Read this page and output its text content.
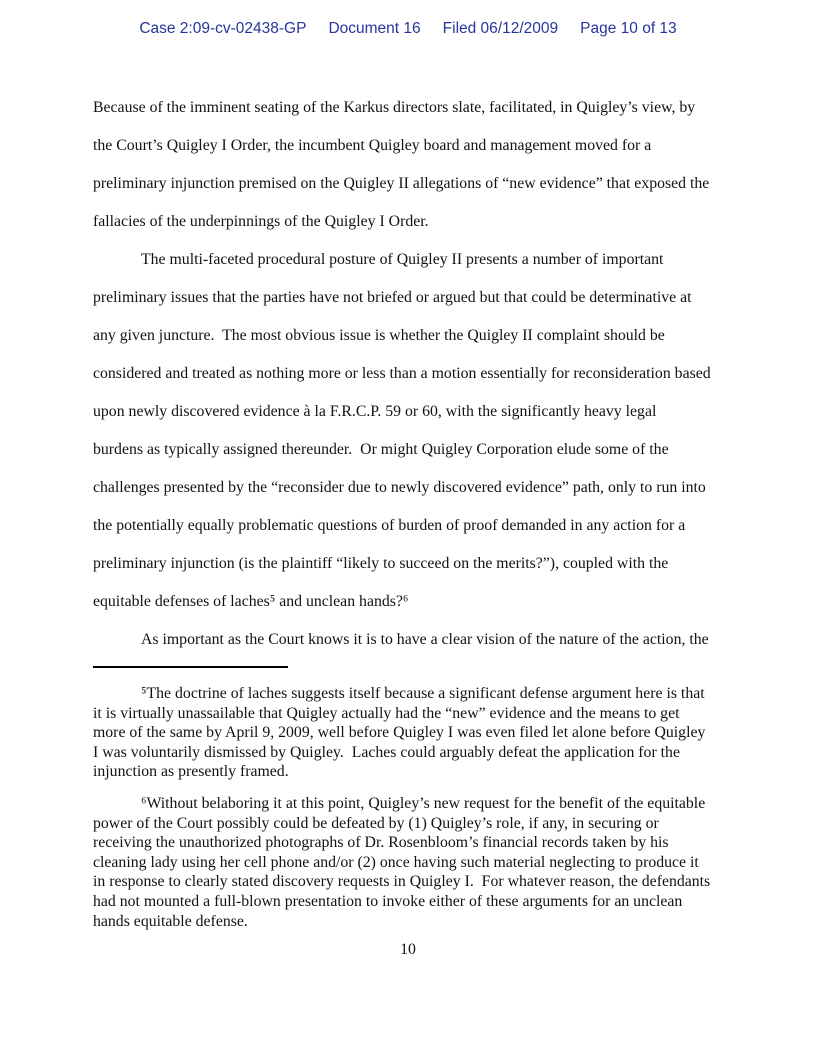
Case 2:09-cv-02438-GP Document 16 Filed 06/12/2009 Page 10 of 13
Because of the imminent seating of the Karkus directors slate, facilitated, in Quigley’s view, by
the Court’s Quigley I Order, the incumbent Quigley board and management moved for a
preliminary injunction premised on the Quigley II allegations of “new evidence” that exposed the
fallacies of the underpinnings of the Quigley I Order.
The multi-faceted procedural posture of Quigley II presents a number of important
preliminary issues that the parties have not briefed or argued but that could be determinative at
any given juncture.  The most obvious issue is whether the Quigley II complaint should be
considered and treated as nothing more or less than a motion essentially for reconsideration based
upon newly discovered evidence à la F.R.C.P. 59 or 60, with the significantly heavy legal
burdens as typically assigned thereunder.  Or might Quigley Corporation elude some of the
challenges presented by the “reconsider due to newly discovered evidence” path, only to run into
the potentially equally problematic questions of burden of proof demanded in any action for a
preliminary injunction (is the plaintiff “likely to succeed on the merits?”), coupled with the
equitable defenses of laches⁵ and unclean hands?⁶
As important as the Court knows it is to have a clear vision of the nature of the action, the
⁵The doctrine of laches suggests itself because a significant defense argument here is that
it is virtually unassailable that Quigley actually had the “new” evidence and the means to get
more of the same by April 9, 2009, well before Quigley I was even filed let alone before Quigley
I was voluntarily dismissed by Quigley.  Laches could arguably defeat the application for the
injunction as presently framed.
⁶Without belaboring it at this point, Quigley’s new request for the benefit of the equitable
power of the Court possibly could be defeated by (1) Quigley’s role, if any, in securing or
receiving the unauthorized photographs of Dr. Rosenbloom’s financial records taken by his
cleaning lady using her cell phone and/or (2) once having such material neglecting to produce it
in response to clearly stated discovery requests in Quigley I.  For whatever reason, the defendants
had not mounted a full-blown presentation to invoke either of these arguments for an unclean
hands equitable defense.
10
